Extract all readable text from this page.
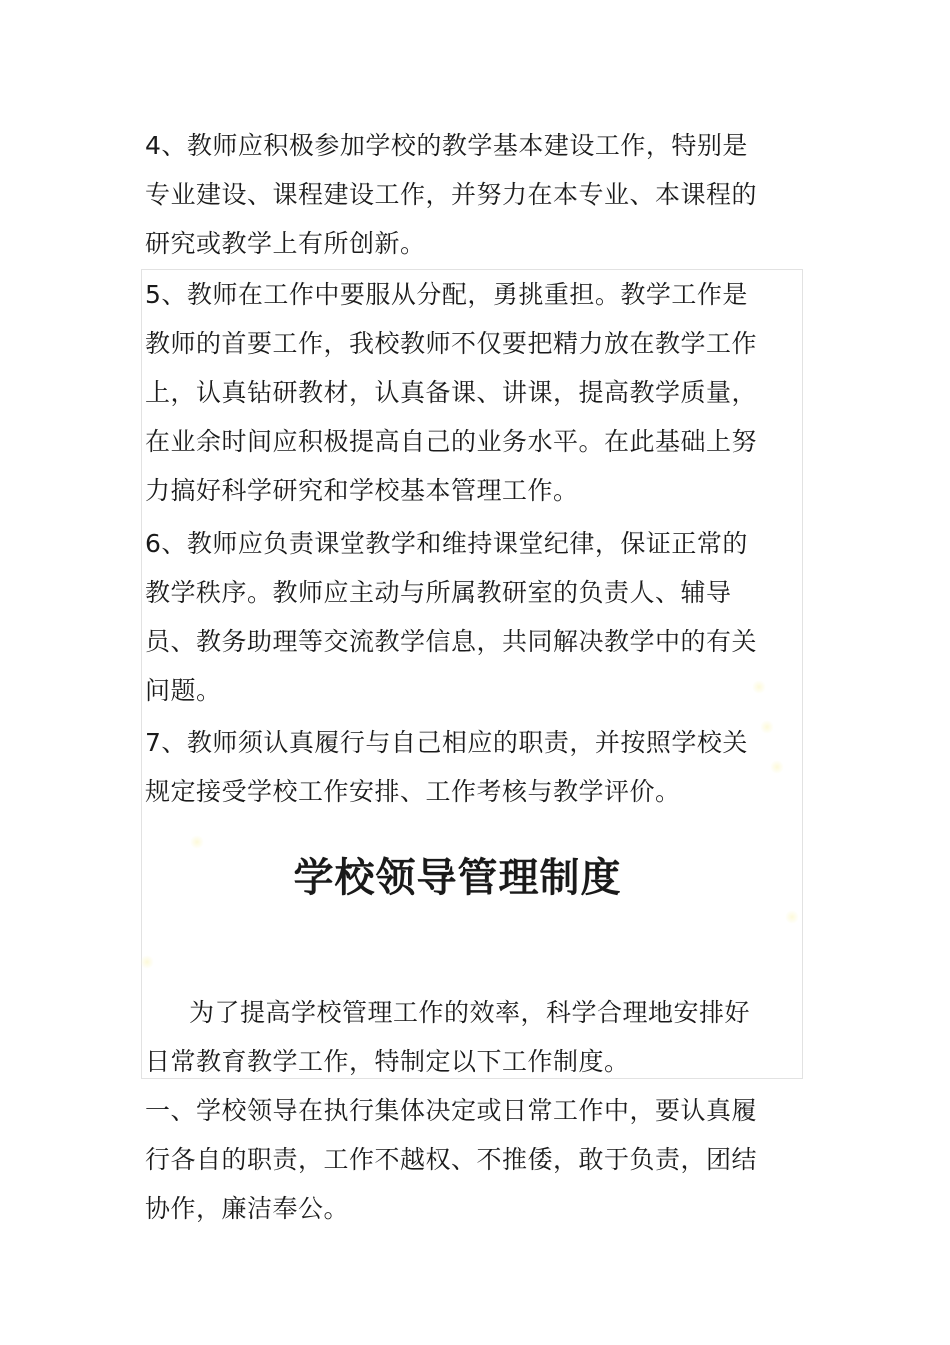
4、教师应积极参加学校的教学基本建设工作，特别是专业建设、课程建设工作，并努力在本专业、本课程的研究或教学上有所创新。

5、教师在工作中要服从分配，勇挑重担。教学工作是教师的首要工作，我校教师不仅要把精力放在教学工作上，认真钻研教材，认真备课、讲课，提高教学质量，在业余时间应积极提高自己的业务水平。在此基础上努力搞好科学研究和学校基本管理工作。

6、教师应负责课堂教学和维持课堂纪律，保证正常的教学秩序。教师应主动与所属教研室的负责人、辅导员、教务助理等交流教学信息，共同解决教学中的有关问题。

7、教师须认真履行与自己相应的职责，并按照学校关规定接受学校工作安排、工作考核与教学评价。

学校领导管理制度

为了提高学校管理工作的效率，科学合理地安排好日常教育教学工作，特制定以下工作制度。

一、学校领导在执行集体决定或日常工作中，要认真履行各自的职责，工作不越权、不推倭，敢于负责，团结协作，廉洁奉公。
